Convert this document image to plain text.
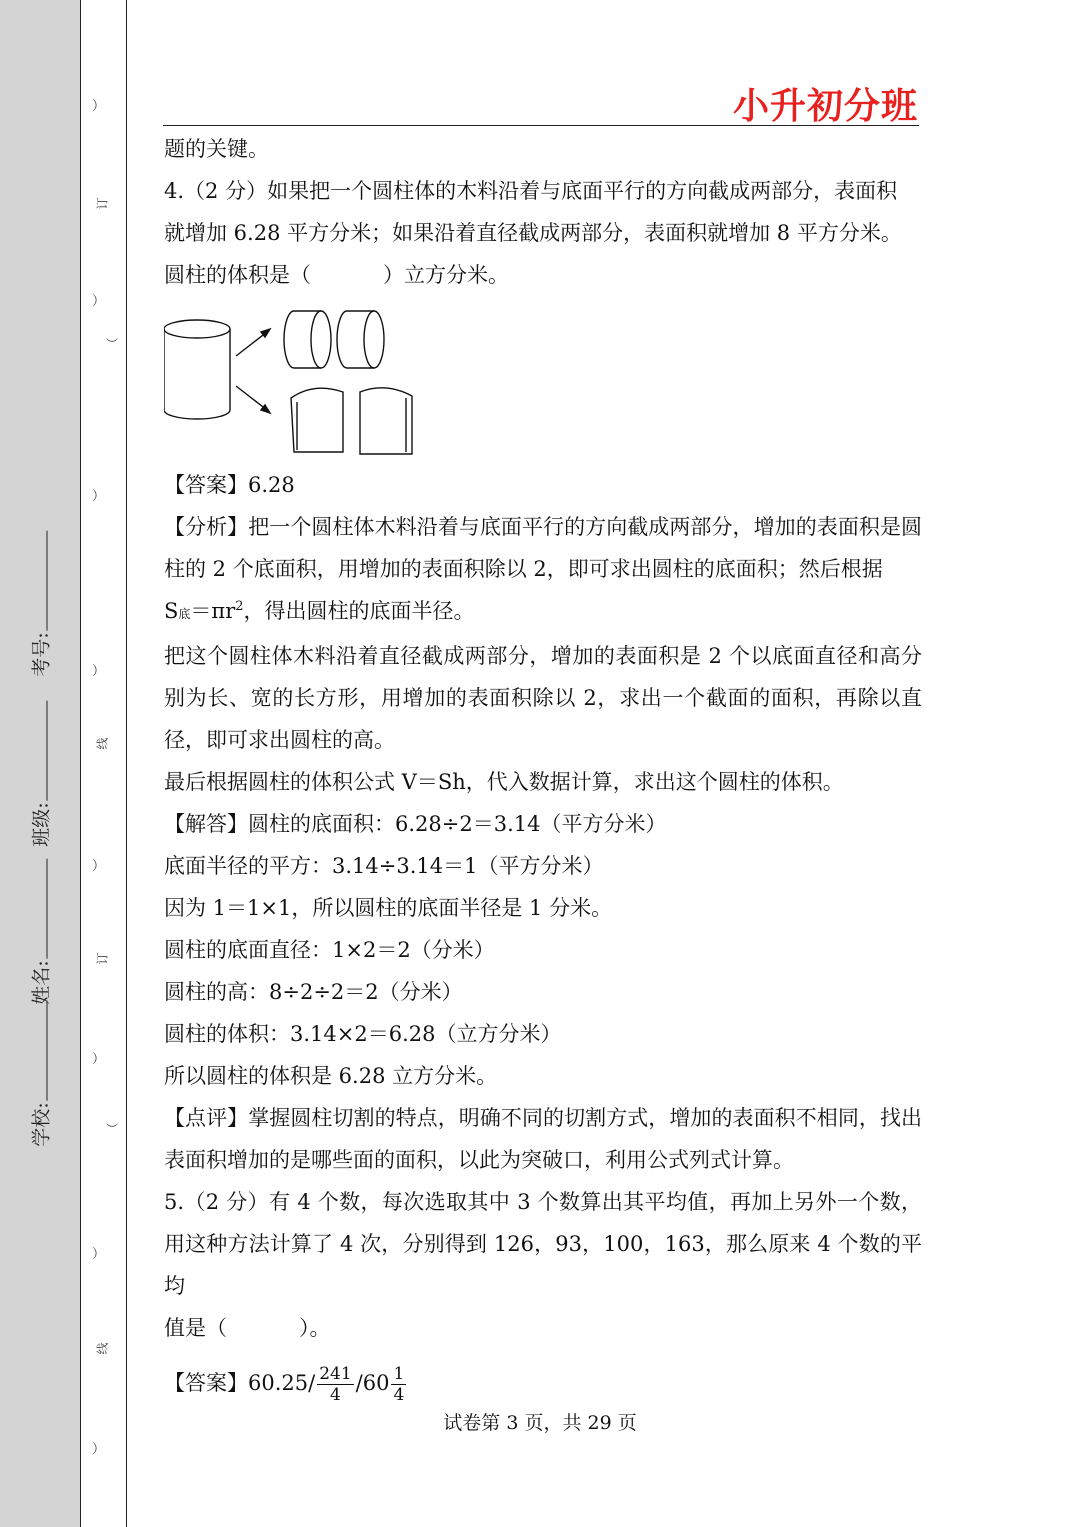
学校:
姓名:
班级:
考号:
）
）
）
）
）
）
）
）
（
订
线
（
订
线
小升初分班

题的关键。

4.（2 分）如果把一个圆柱体的木料沿着与底面平行的方向截成两部分，表面积

就增加 6.28 平方分米；如果沿着直径截成两部分，表面积就增加 8 平方分米。

圆柱的体积是（	）立方分米。

【答案】6.28

【分析】把一个圆柱体木料沿着与底面平行的方向截成两部分，增加的表面积是圆柱的 2 个底面积，用增加的表面积除以 2，即可求出圆柱的底面积；然后根据

S底$=\pi r^2$，得出圆柱的底面半径。

把这个圆柱体木料沿着直径截成两部分，增加的表面积是 2 个以底面直径和高分别为长、宽的长方形，用增加的表面积除以 2，求出一个截面的面积，再除以直径，即可求出圆柱的高。

最后根据圆柱的体积公式 V＝Sh，代入数据计算，求出这个圆柱的体积。

【解答】圆柱的底面积：6.28÷2＝3.14（平方分米）

底面半径的平方：3.14÷3.14＝1（平方分米）

因为 1＝1×1，所以圆柱的底面半径是 1 分米。

圆柱的底面直径：1×2＝2（分米）

圆柱的高：8÷2÷2＝2（分米）

圆柱的体积：3.14×2＝6.28（立方分米）

所以圆柱的体积是 6.28 立方分米。

【点评】掌握圆柱切割的特点，明确不同的切割方式，增加的表面积不相同，找出表面积增加的是哪些面的面积，以此为突破口，利用公式列式计算。

5.（2 分）有 4 个数，每次选取其中 3 个数算出其平均值，再加上另外一个数，用这种方法计算了 4 次，分别得到 126，93，100，163，那么原来 4 个数的平均

值是（	）。

【答案】$60.25/ \frac{241}{4} /60 \frac{1}{4}$

试卷第 3 页，共 29 页
